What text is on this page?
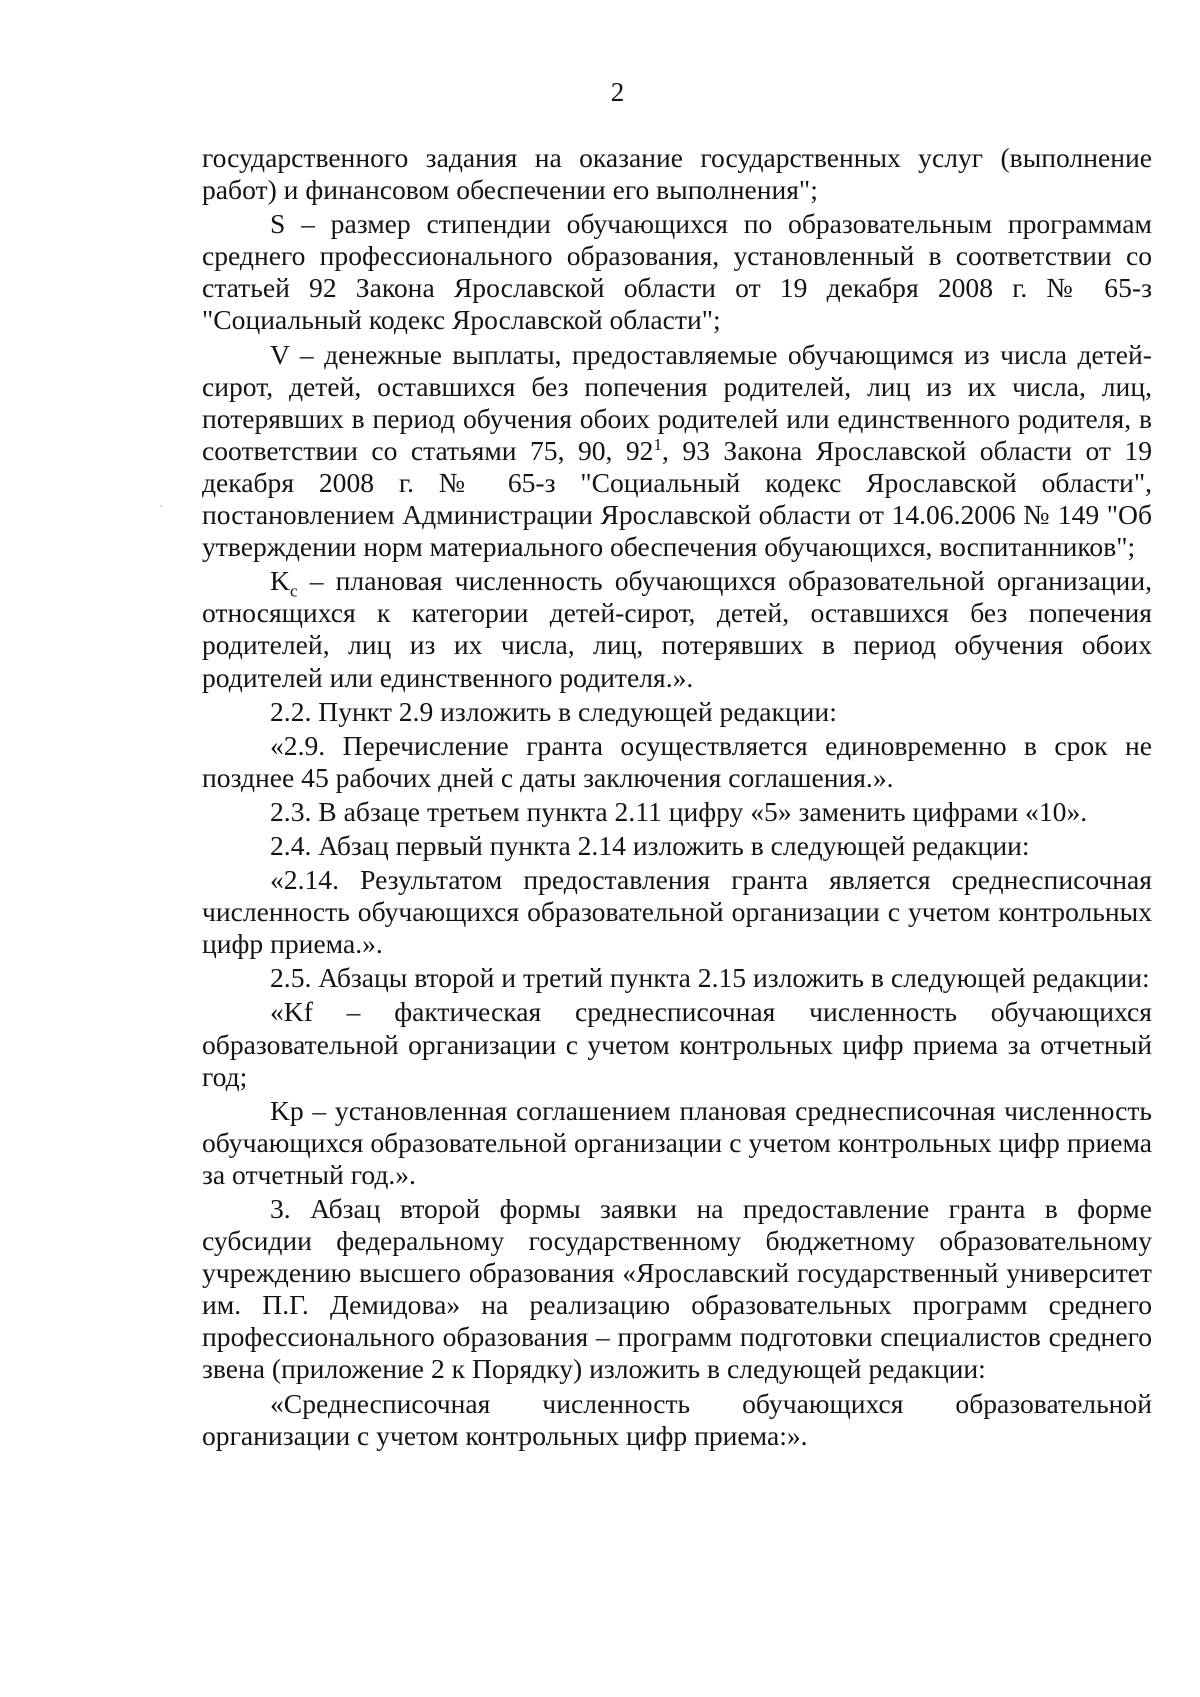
2

государственного задания на оказание государственных услуг (выполнение работ) и финансовом обеспечении его выполнения";

S – размер стипендии обучающихся по образовательным программам среднего профессионального образования, установленный в соответствии со статьей 92 Закона Ярославской области от 19 декабря 2008 г. № 65-з "Социальный кодекс Ярославской области";

V – денежные выплаты, предоставляемые обучающимся из числа детей-сирот, детей, оставшихся без попечения родителей, лиц из их числа, лиц, потерявших в период обучения обоих родителей или единственного родителя, в соответствии со статьями 75, 90, $92^1$, 93 Закона Ярославской области от 19 декабря 2008 г. № 65-з "Социальный кодекс Ярославской области", постановлением Администрации Ярославской области от 14.06.2006 № 149 "Об утверждении норм материального обеспечения обучающихся, воспитанников";

$K_с$ – плановая численность обучающихся образовательной организации, относящихся к категории детей-сирот, детей, оставшихся без попечения родителей, лиц из их числа, лиц, потерявших в период обучения обоих родителей или единственного родителя.».

2.2. Пункт 2.9 изложить в следующей редакции:

«2.9. Перечисление гранта осуществляется единовременно в срок не позднее 45 рабочих дней с даты заключения соглашения.».

2.3. В абзаце третьем пункта 2.11 цифру «5» заменить цифрами «10».

2.4. Абзац первый пункта 2.14 изложить в следующей редакции:

«2.14. Результатом предоставления гранта является среднесписочная численность обучающихся образовательной организации с учетом контрольных цифр приема.».

2.5. Абзацы второй и третий пункта 2.15 изложить в следующей редакции:

«Kf – фактическая среднесписочная численность обучающихся образовательной организации с учетом контрольных цифр приема за отчетный год;

Kp – установленная соглашением плановая среднесписочная численность обучающихся образовательной организации с учетом контрольных цифр приема за отчетный год.».

3. Абзац второй формы заявки на предоставление гранта в форме субсидии федеральному государственному бюджетному образовательному учреждению высшего образования «Ярославский государственный университет им. П.Г. Демидова» на реализацию образовательных программ среднего профессионального образования – программ подготовки специалистов среднего звена (приложение 2 к Порядку) изложить в следующей редакции:

«Среднесписочная численность обучающихся образовательной организации с учетом контрольных цифр приема:».
